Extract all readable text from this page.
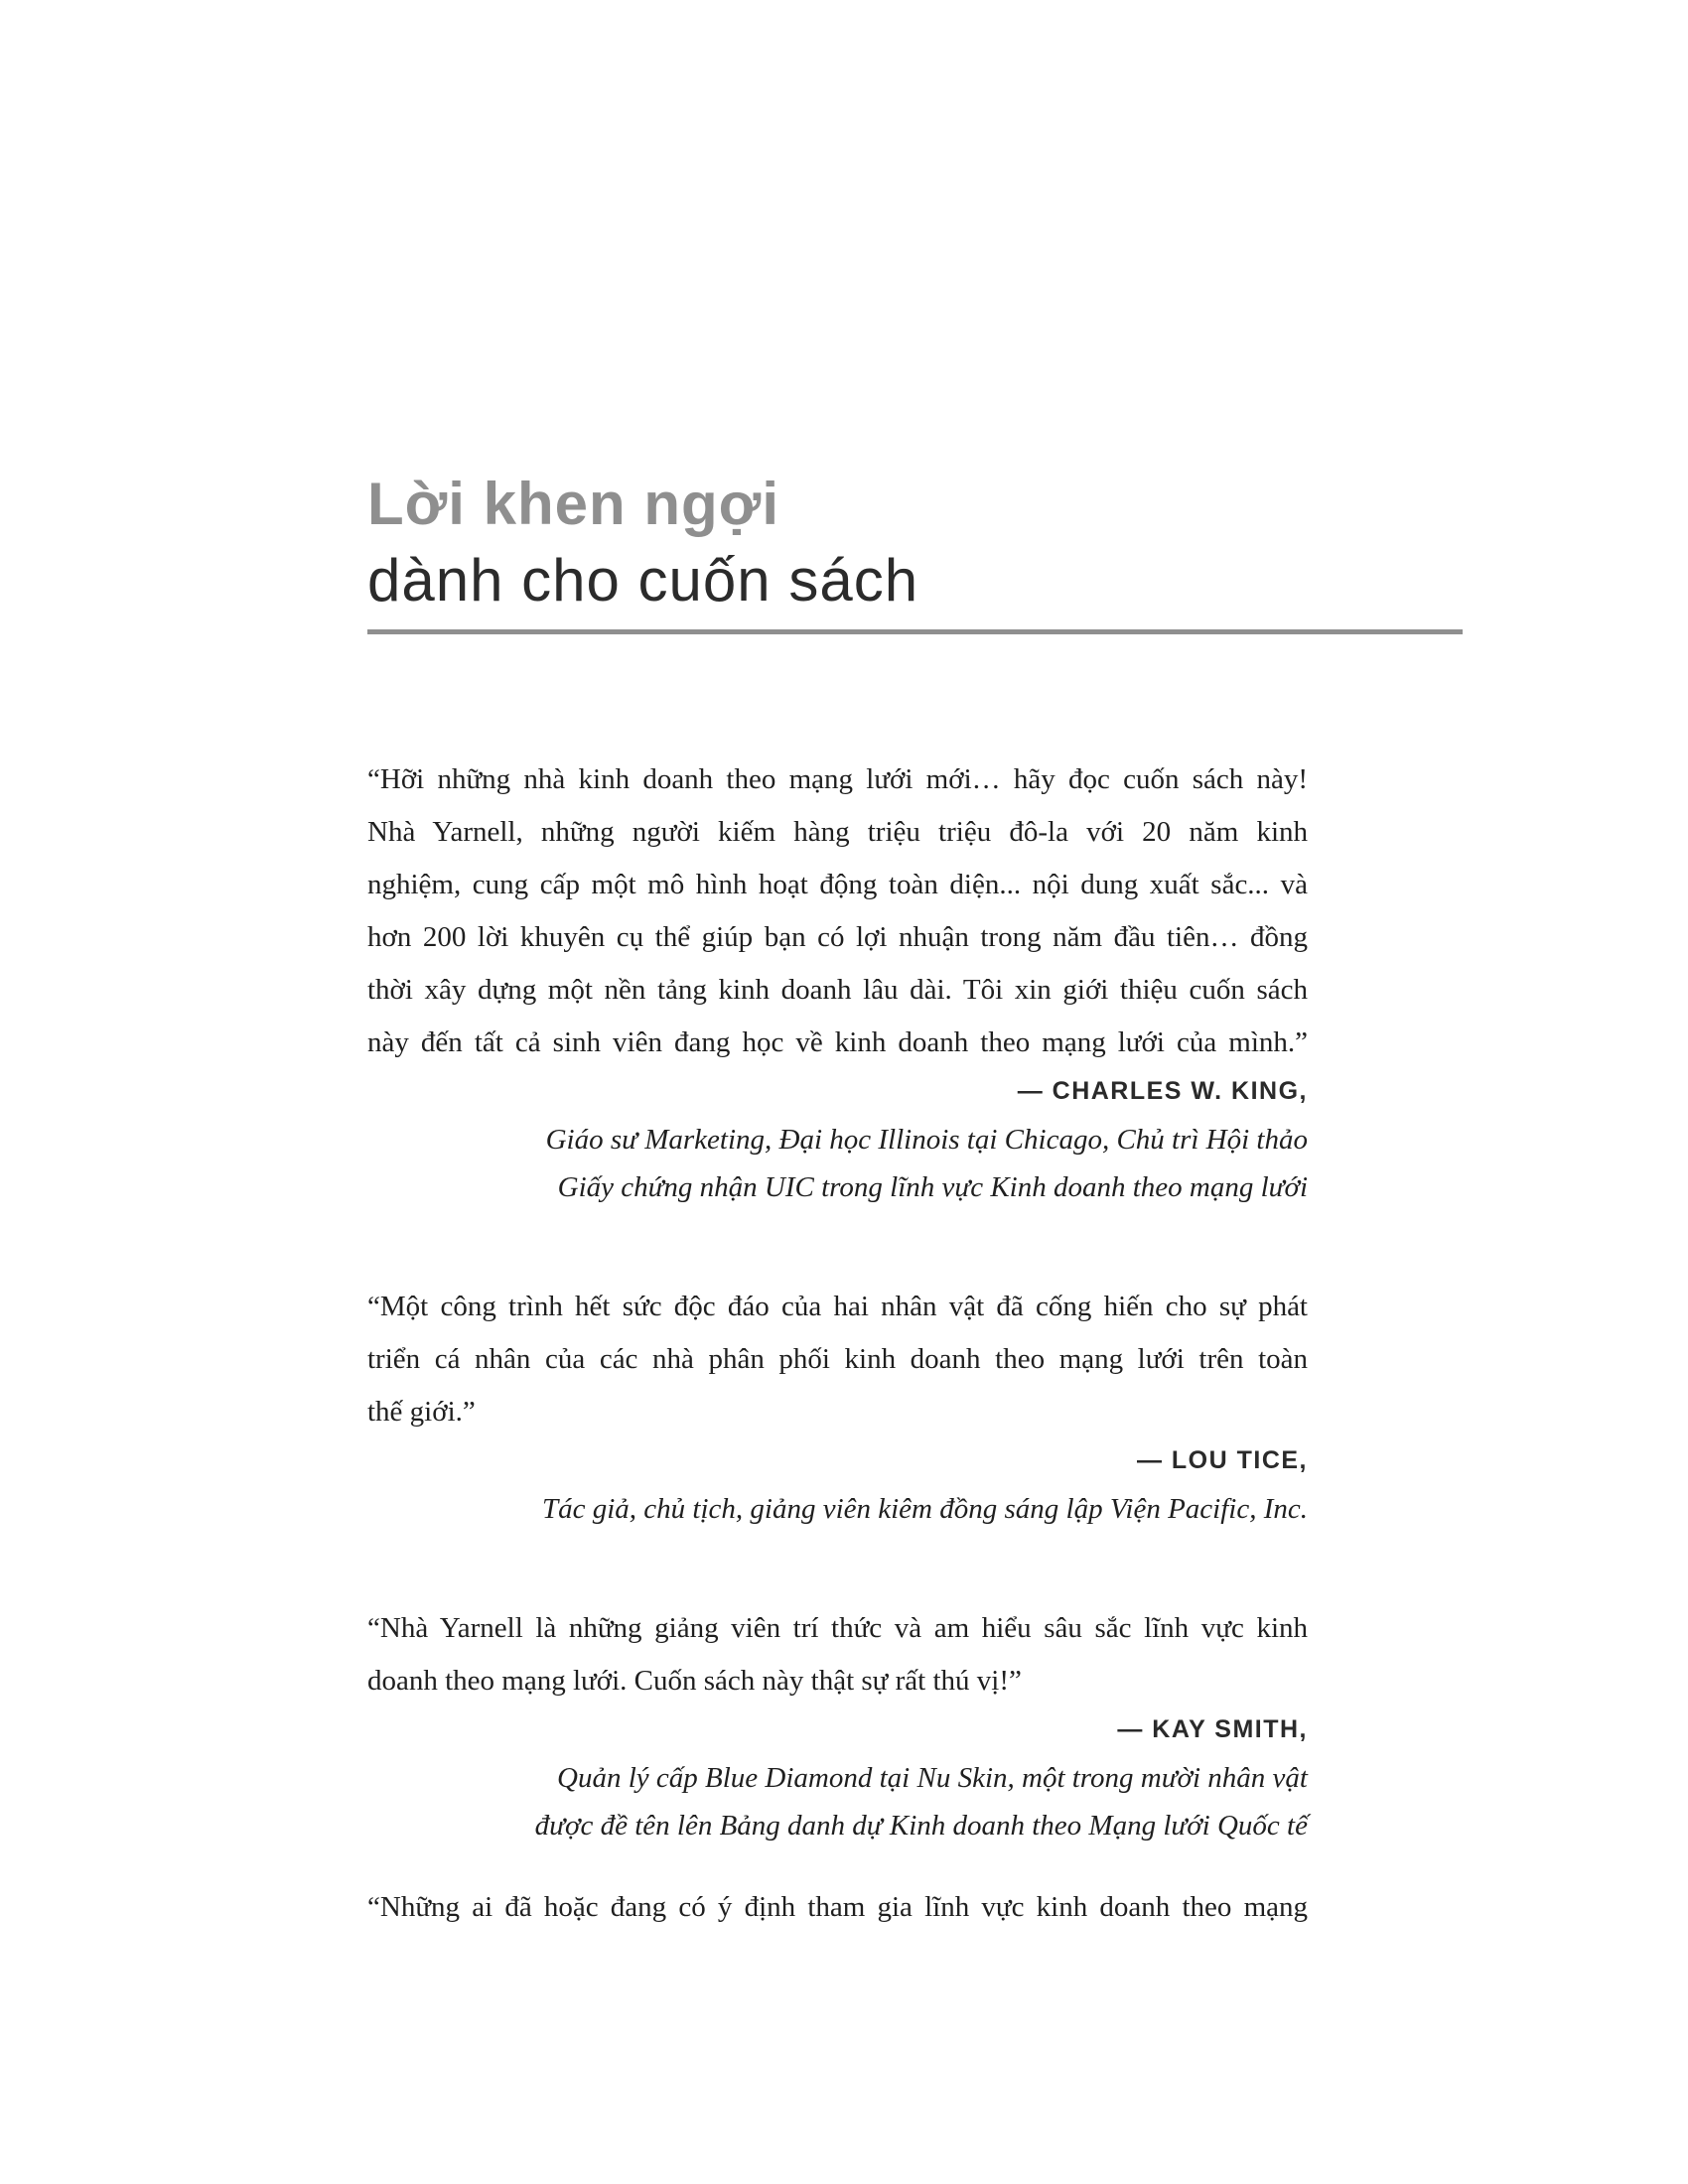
Lời khen ngợi
dành cho cuốn sách
“Hỡi những nhà kinh doanh theo mạng lưới mới… hãy đọc cuốn sách này!
Nhà Yarnell, những người kiếm hàng triệu triệu đô-la với 20 năm kinh
nghiệm, cung cấp một mô hình hoạt động toàn diện... nội dung xuất sắc... và
hơn 200 lời khuyên cụ thể giúp bạn có lợi nhuận trong năm đầu tiên… đồng
thời xây dựng một nền tảng kinh doanh lâu dài. Tôi xin giới thiệu cuốn sách
này đến tất cả sinh viên đang học về kinh doanh theo mạng lưới của mình.”
— CHARLES W. KING,
Giáo sư Marketing, Đại học Illinois tại Chicago, Chủ trì Hội thảo
Giấy chứng nhận UIC trong lĩnh vực Kinh doanh theo mạng lưới
“Một công trình hết sức độc đáo của hai nhân vật đã cống hiến cho sự phát
triển cá nhân của các nhà phân phối kinh doanh theo mạng lưới trên toàn
thế giới.”
— LOU TICE,
Tác giả, chủ tịch, giảng viên kiêm đồng sáng lập Viện Pacific, Inc.
“Nhà Yarnell là những giảng viên trí thức và am hiểu sâu sắc lĩnh vực kinh
doanh theo mạng lưới. Cuốn sách này thật sự rất thú vị!”
— KAY SMITH,
Quản lý cấp Blue Diamond tại Nu Skin, một trong mười nhân vật
được đề tên lên Bảng danh dự Kinh doanh theo Mạng lưới Quốc tế
“Những ai đã hoặc đang có ý định tham gia lĩnh vực kinh doanh theo mạng
